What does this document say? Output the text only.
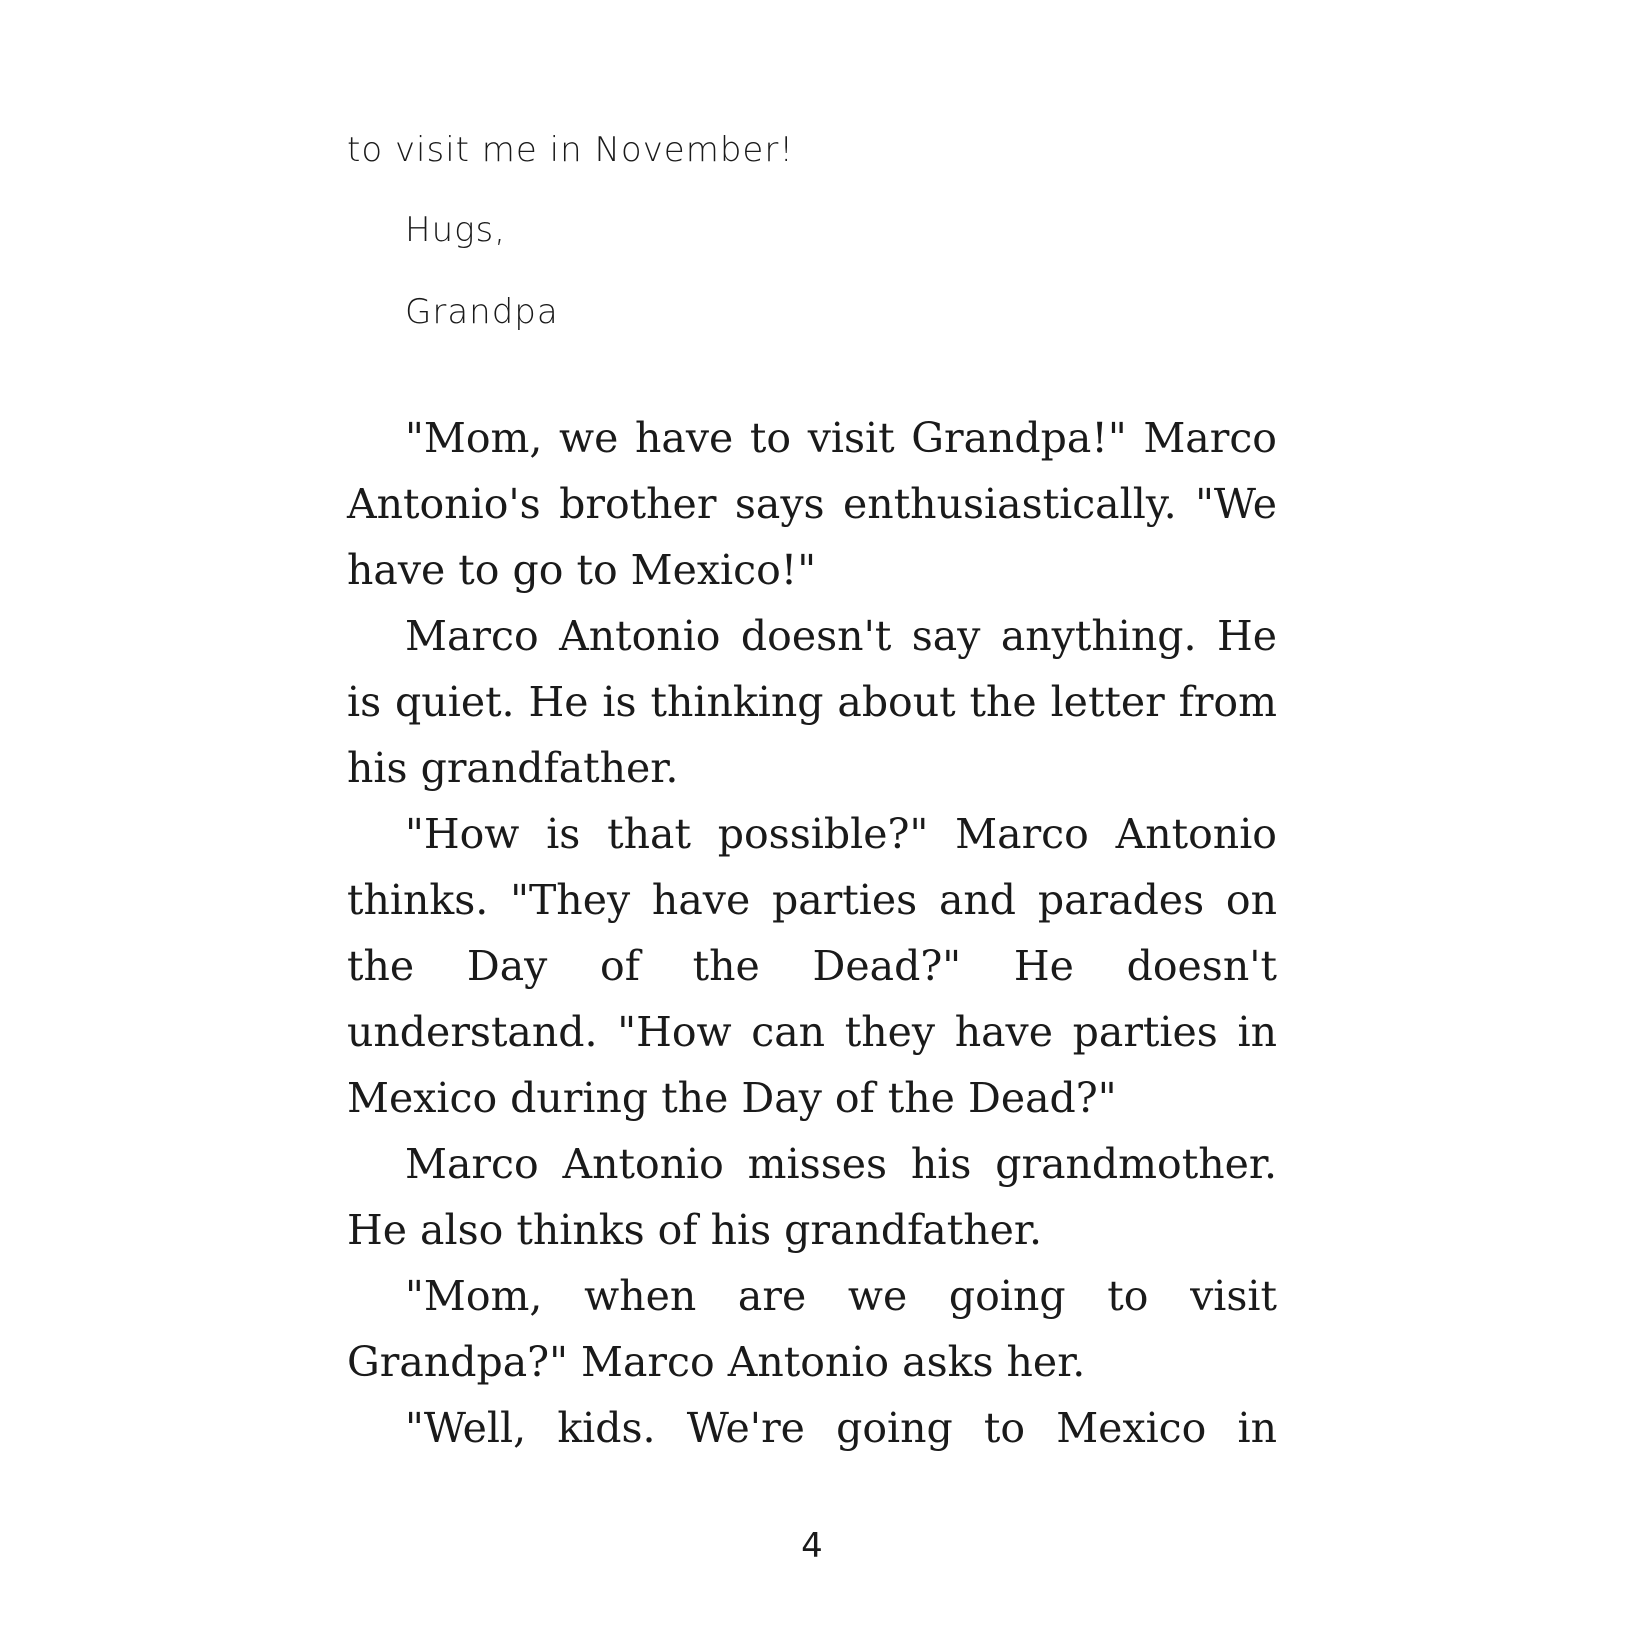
to visit me in November!
Hugs,
Grandpa

"Mom, we have to visit Grandpa!" Marco Antonio's brother says enthusiastically. "We have to go to Mexico!"

Marco Antonio doesn't say anything. He is quiet. He is thinking about the letter from his grandfather.

"How is that possible?" Marco Antonio thinks. "They have parties and parades on the Day of the Dead?" He doesn't understand. "How can they have parties in Mexico during the Day of the Dead?"

Marco Antonio misses his grandmother. He also thinks of his grandfather.

"Mom, when are we going to visit Grandpa?" Marco Antonio asks her.

"Well, kids. We're going to Mexico in

4
